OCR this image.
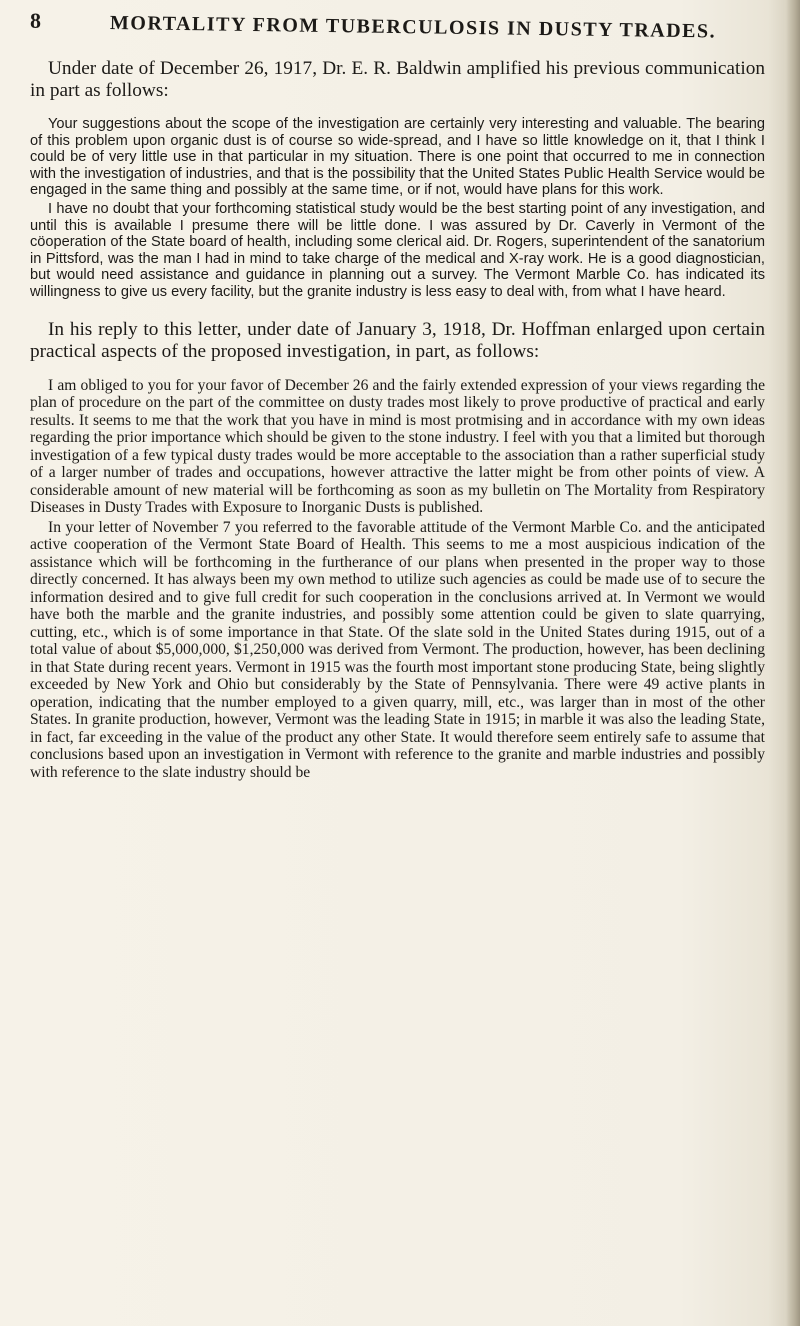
8	MORTALITY FROM TUBERCULOSIS IN DUSTY TRADES.

Under date of December 26, 1917, Dr. E. R. Baldwin amplified his previous communication in part as follows:

Your suggestions about the scope of the investigation are certainly very interesting and valuable. The bearing of this problem upon organic dust is of course so wide-spread, and I have so little knowledge on it, that I think I could be of very little use in that particular in my situation. There is one point that occurred to me in connection with the investigation of industries, and that is the possibility that the United States Public Health Service would be engaged in the same thing and possibly at the same time, or if not, would have plans for this work.

I have no doubt that your forthcoming statistical study would be the best starting point of any investigation, and until this is available I presume there will be little done. I was assured by Dr. Caverly in Vermont of the cöoperation of the State board of health, including some clerical aid. Dr. Rogers, superintendent of the sanatorium in Pittsford, was the man I had in mind to take charge of the medical and X-ray work. He is a good diagnostician, but would need assistance and guidance in planning out a survey. The Vermont Marble Co. has indicated its willingness to give us every facility, but the granite industry is less easy to deal with, from what I have heard.

In his reply to this letter, under date of January 3, 1918, Dr. Hoffman enlarged upon certain practical aspects of the proposed investigation, in part, as follows:

I am obliged to you for your favor of December 26 and the fairly extended expression of your views regarding the plan of procedure on the part of the committee on dusty trades most likely to prove productive of practical and early results. It seems to me that the work that you have in mind is most protmising and in accordance with my own ideas regarding the prior importance which should be given to the stone industry. I feel with you that a limited but thorough investigation of a few typical dusty trades would be more acceptable to the association than a rather superficial study of a larger number of trades and occupations, however attractive the latter might be from other points of view. A considerable amount of new material will be forthcoming as soon as my bulletin on The Mortality from Respiratory Diseases in Dusty Trades with Exposure to Inorganic Dusts is published.

In your letter of November 7 you referred to the favorable attitude of the Vermont Marble Co. and the anticipated active cooperation of the Vermont State Board of Health. This seems to me a most auspicious indication of the assistance which will be forthcoming in the furtherance of our plans when presented in the proper way to those directly concerned. It has always been my own method to utilize such agencies as could be made use of to secure the information desired and to give full credit for such cooperation in the conclusions arrived at. In Vermont we would have both the marble and the granite industries, and possibly some attention could be given to slate quarrying, cutting, etc., which is of some importance in that State. Of the slate sold in the United States during 1915, out of a total value of about $5,000,000, $1,250,000 was derived from Vermont. The production, however, has been declining in that State during recent years. Vermont in 1915 was the fourth most important stone producing State, being slightly exceeded by New York and Ohio but considerably by the State of Pennsylvania. There were 49 active plants in operation, indicating that the number employed to a given quarry, mill, etc., was larger than in most of the other States. In granite production, however, Vermont was the leading State in 1915; in marble it was also the leading State, in fact, far exceeding in the value of the product any other State. It would therefore seem entirely safe to assume that conclusions based upon an investigation in Vermont with reference to the granite and marble industries and possibly with reference to the slate industry should be
